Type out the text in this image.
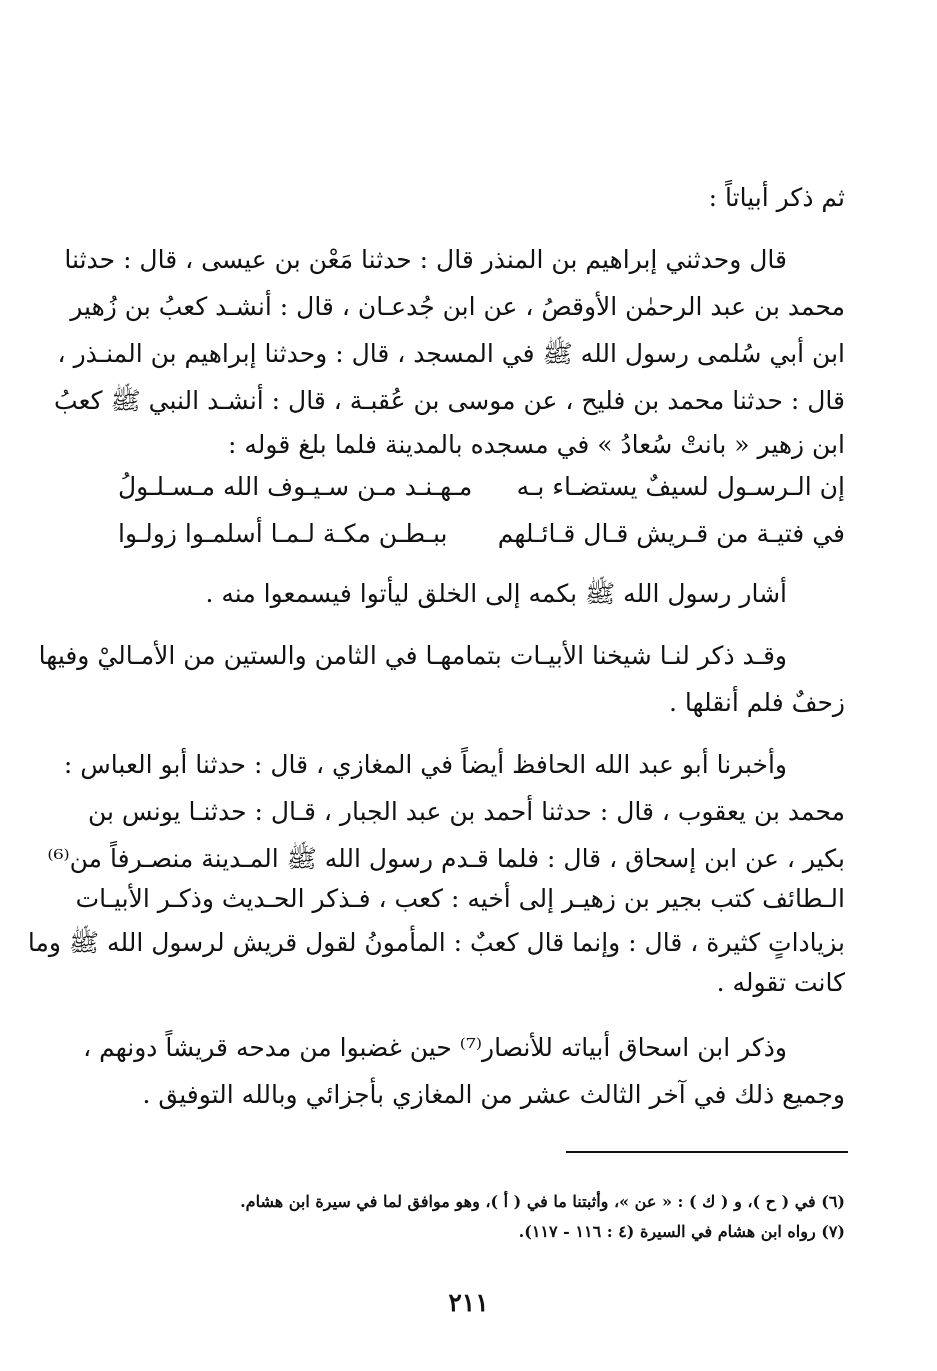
ثم ذكر أبياتاً :
قال وحدثني إبراهيم بن المنذر قال : حدثنا مَعْن بن عيسى ، قال : حدثنا
محمد بن عبد الرحمٰن الأوقصُ ، عن ابن جُدعـان ، قال : أنشـد كعبُ بن زُهير
ابن أبي سُلمى رسول الله ﷺ في المسجد ، قال : وحدثنا إبراهيم بن المنـذر ،
قال : حدثنا محمد بن فليح ، عن موسى بن عُقبـة ، قال : أنشـد النبي ﷺ كعبُ
ابن زهير « بانتْ سُعادُ » في مسجده بالمدينة فلما بلغ قوله :
إن الـرسـول لسيفٌ يستضـاء بـه
مـهـنـد مـن سـيـوف الله مـسـلـولُ
في فتيـة من قـريش قـال قـائـلهم
ببـطـن مكـة لـمـا أسلمـوا زولـوا
أشار رسول الله ﷺ بكمه إلى الخلق ليأتوا فيسمعوا منه .
وقـد ذكر لنـا شيخنا الأبيـات بتمامهـا في الثامن والستين من الأمـاليْ وفيها
زحفٌ فلم أنقلها .
وأخبرنا أبو عبد الله الحافظ أيضاً في المغازي ، قال : حدثنا أبو العباس :
محمد بن يعقوب ، قال : حدثنا أحمد بن عبد الجبار ، قـال : حدثنـا يونس بن
بكير ، عن ابن إسحاق ، قال : فلما قـدم رسول الله ﷺ المـدينة منصـرفاً من⁽⁶⁾
الـطائف كتب بجير بن زهيـر إلى أخيه : كعب ، فـذكر الحـديث وذكـر الأبيـات
بزياداتٍ كثيرة ، قال : وإنما قال كعبٌ : المأمونُ لقول قريش لرسول الله ﷺ وما
كانت تقوله .
وذكر ابن اسحاق أبياته للأنصار⁽⁷⁾ حين غضبوا من مدحه قريشاً دونهم ،
وجميع ذلك في آخر الثالث عشر من المغازي بأجزائي وبالله التوفيق .
(٦) في ( ح )، و ( ك ) : « عن »، وأثبتنا ما في ( أ )، وهو موافق لما في سيرة ابن هشام.
(٧) رواه ابن هشام في السيرة (٤ : ١١٦ - ١١٧).
٢١١
